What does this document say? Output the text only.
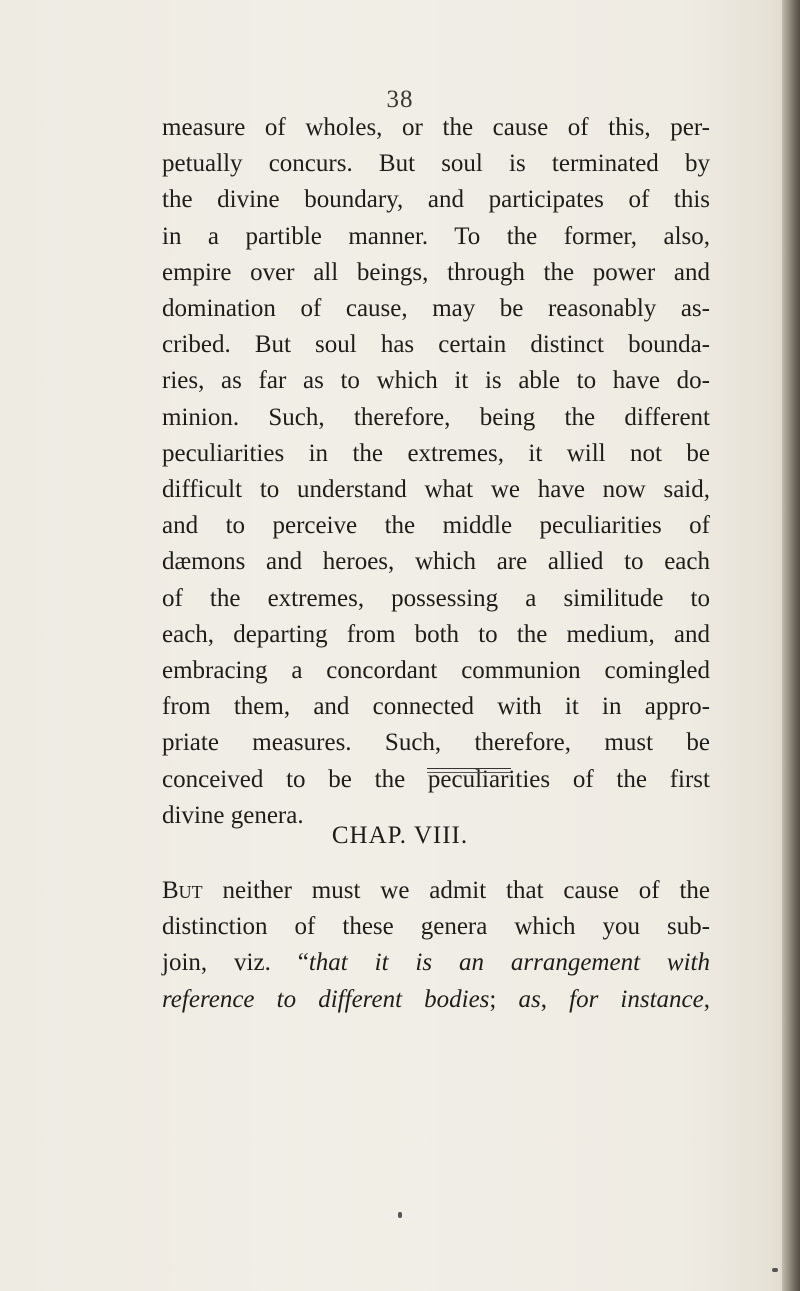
38
measure of wholes, or the cause of this, per-
petually concurs. But soul is terminated by
the divine boundary, and participates of this
in a partible manner. To the former, also,
empire over all beings, through the power and
domination of cause, may be reasonably as-
cribed. But soul has certain distinct bounda-
ries, as far as to which it is able to have do-
minion. Such, therefore, being the different
peculiarities in the extremes, it will not be
difficult to understand what we have now said,
and to perceive the middle peculiarities of
dæmons and heroes, which are allied to each
of the extremes, possessing a similitude to
each, departing from both to the medium, and
embracing a concordant communion comingled
from them, and connected with it in appro-
priate measures. Such, therefore, must be
conceived to be the peculiarities of the first
divine genera.
CHAP. VIII.
But neither must we admit that cause of the
distinction of these genera which you sub-
join, viz. “that it is an arrangement with
reference to different bodies; as, for instance,
